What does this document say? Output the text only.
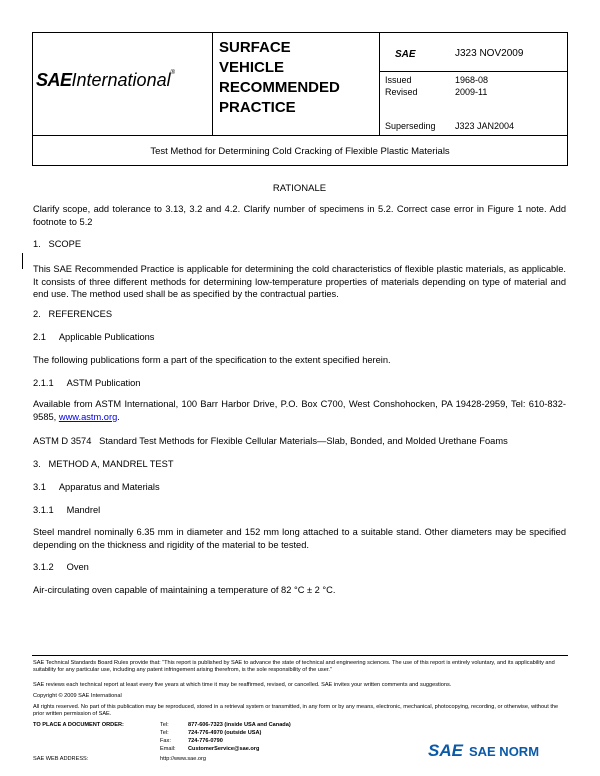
SAEInternational®
SURFACE
VEHICLE
RECOMMENDED
PRACTICE
SAE	J323 NOV2009
Issued	1968-08
Revised	2009-11
Superseding J323 JAN2004
Test Method for Determining Cold Cracking of Flexible Plastic Materials
RATIONALE
Clarify scope, add tolerance to 3.13, 3.2 and 4.2. Clarify number of specimens in 5.2. Correct case error in Figure 1 note. Add footnote to 5.2
1.   SCOPE
This SAE Recommended Practice is applicable for determining the cold characteristics of flexible plastic materials, as applicable. It consists of three different methods for determining low-temperature properties of materials depending on type of material and end use. The method used shall be as specified by the contractual parties.
2.   REFERENCES
2.1     Applicable Publications
The following publications form a part of the specification to the extent specified herein.
2.1.1     ASTM Publication
Available from ASTM International, 100 Barr Harbor Drive, P.O. Box C700, West Conshohocken, PA 19428-2959, Tel: 610-832-9585, www.astm.org.
ASTM D 3574   Standard Test Methods for Flexible Cellular Materials—Slab, Bonded, and Molded Urethane Foams
3.   METHOD A, MANDREL TEST
3.1     Apparatus and Materials
3.1.1     Mandrel
Steel mandrel nominally 6.35 mm in diameter and 152 mm long attached to a suitable stand. Other diameters may be specified depending on the thickness and rigidity of the material to be tested.
3.1.2     Oven
Air-circulating oven capable of maintaining a temperature of 82 °C ± 2 °C.
SAE Technical Standards Board Rules provide that: “This report is published by SAE to advance the state of technical and engineering sciences. The use of this report is entirely voluntary, and its applicability and suitability for any particular use, including any patent infringement arising therefrom, is the sole responsibility of the user.”
SAE reviews each technical report at least every five years at which time it may be reaffirmed, revised, or cancelled. SAE invites your written comments and suggestions.
Copyright © 2009 SAE International
All rights reserved. No part of this publication may be reproduced, stored in a retrieval system or transmitted, in any form or by any means, electronic, mechanical, photocopying, recording, or otherwise, without the prior written permission of SAE.
TO PLACE A DOCUMENT ORDER:	Tel:	877-606-7323 (inside USA and Canada)
Tel:	724-776-4970 (outside USA)
Fax:	724-776-0790
Email:	CustomerService@sae.org
SAE WEB ADDRESS:	http://www.sae.org	SAE SAE NORM
